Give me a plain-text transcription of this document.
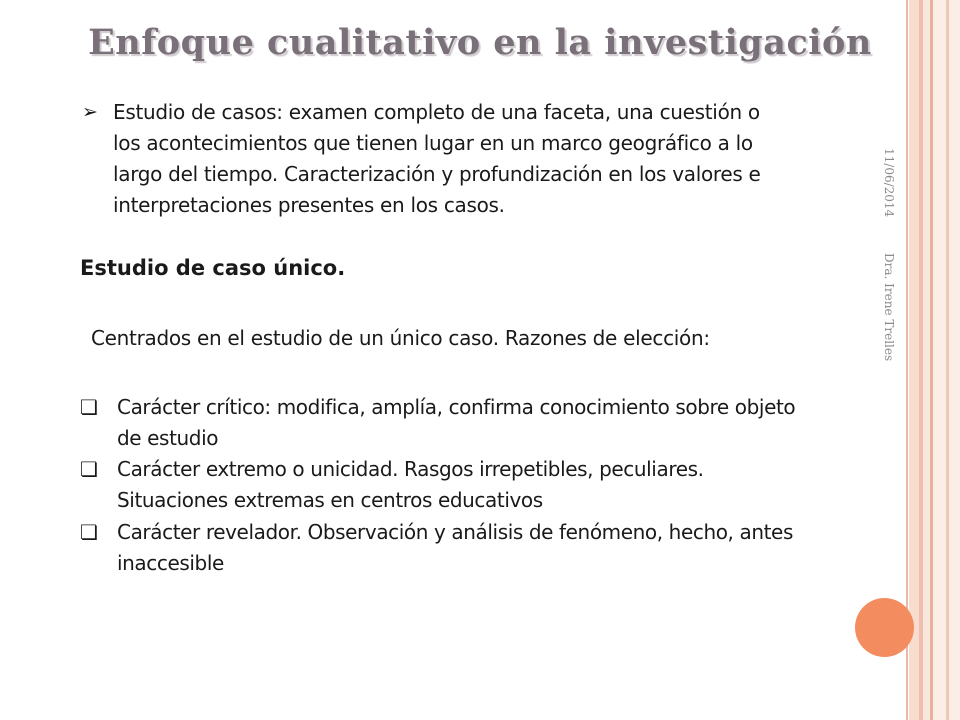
Enfoque cualitativo en la investigación
➢ Estudio de casos: examen completo de una faceta, una cuestión o
los acontecimientos que tienen lugar en un marco geográfico a lo
largo del tiempo. Caracterización y profundización en los valores e
interpretaciones presentes en los casos.
Estudio de caso único.
Centrados en el estudio de un único caso. Razones de elección:
❏ Carácter crítico: modifica, amplía, confirma conocimiento sobre objeto
de estudio
❏ Carácter extremo o unicidad. Rasgos irrepetibles, peculiares.
Situaciones extremas en centros educativos
❏ Carácter revelador. Observación y análisis de fenómeno, hecho, antes
inaccesible
11/06/2014
Dra. Irene Trelles
